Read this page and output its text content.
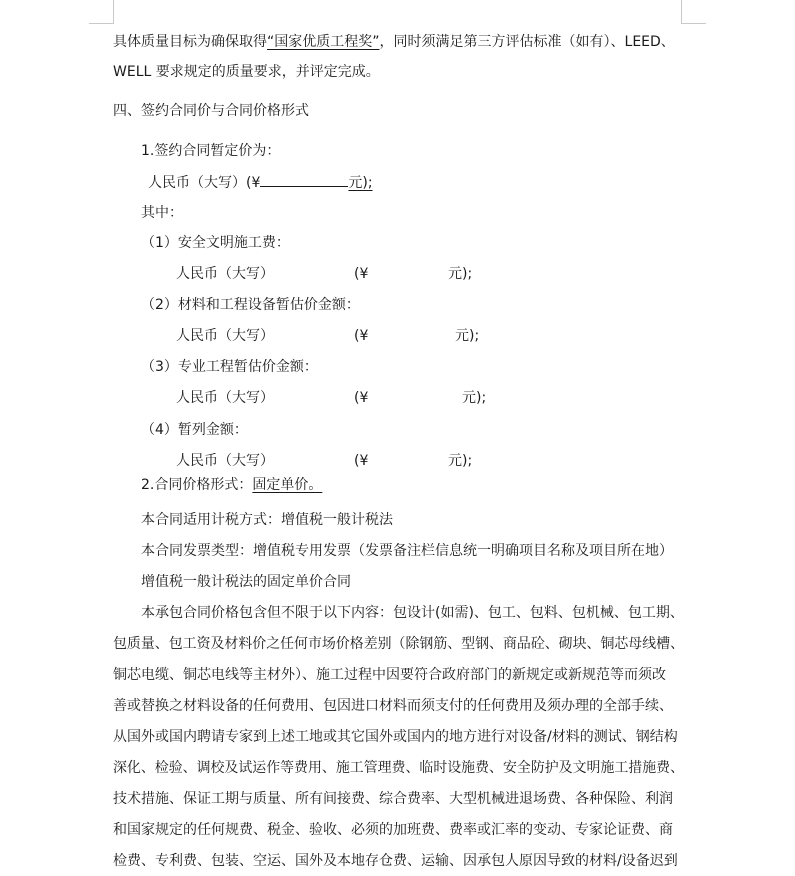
具体质量目标为确保取得“国家优质工程奖”，同时须满足第三方评估标准（如有）、LEED、
WELL 要求规定的质量要求，并评定完成。
四、签约合同价与合同价格形式
1.签约合同暂定价为：
人民币（大写）(¥	元);
其中：
（1）安全文明施工费：
人民币（大写）	(¥	元);
（2）材料和工程设备暂估价金额：
人民币（大写）	(¥	元);
（3）专业工程暂估价金额：
人民币（大写）	(¥	元);
（4）暂列金额：
人民币（大写）	(¥	元);
2.合同价格形式：固定单价。
本合同适用计税方式：增值税一般计税法
本合同发票类型：增值税专用发票（发票备注栏信息统一明确项目名称及项目所在地）
增值税一般计税法的固定单价合同
本承包合同价格包含但不限于以下内容：包设计(如需)、包工、包料、包机械、包工期、
包质量、包工资及材料价之任何市场价格差别（除钢筋、型钢、商品砼、砌块、铜芯母线槽、
铜芯电缆、铜芯电线等主材外）、施工过程中因要符合政府部门的新规定或新规范等而须改
善或替换之材料设备的任何费用、包因进口材料而须支付的任何费用及须办理的全部手续、
从国外或国内聘请专家到上述工地或其它国外或国内的地方进行对设备/材料的测试、钢结构
深化、检验、调校及试运作等费用、施工管理费、临时设施费、安全防护及文明施工措施费、
技术措施、保证工期与质量、所有间接费、综合费率、大型机械进退场费、各种保险、利润
和国家规定的任何规费、税金、验收、必须的加班费、费率或汇率的变动、专家论证费、商
检费、专利费、包装、空运、国外及本地存仓费、运输、因承包人原因导致的材料/设备迟到
